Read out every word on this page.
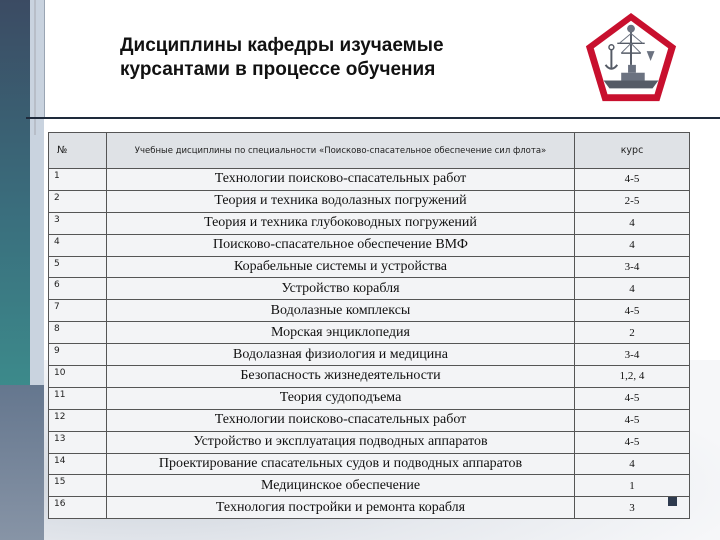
Дисциплины кафедры изучаемые
курсантами в процессе обучения
№	Учебные дисциплины по специальности «Поисково-спасательное обеспечение сил флота»	курс
1	Технологии поисково-спасательных работ	4-5
2	Теория и техника водолазных погружений	2-5
3	Теория и техника глубоководных погружений	4
4	Поисково-спасательное обеспечение ВМФ	4
5	Корабельные системы и устройства	3-4
6	Устройство корабля	4
7	Водолазные комплексы	4-5
8	Морская энциклопедия	2
9	Водолазная физиология и медицина	3-4
10	Безопасность жизнедеятельности	1,2, 4
11	Теория судоподъема	4-5
12	Технологии поисково-спасательных работ	4-5
13	Устройство и эксплуатация подводных аппаратов	4-5
14	Проектирование спасательных судов и подводных аппаратов	4
15	Медицинское обеспечение	1
16	Технология постройки и ремонта корабля	3
